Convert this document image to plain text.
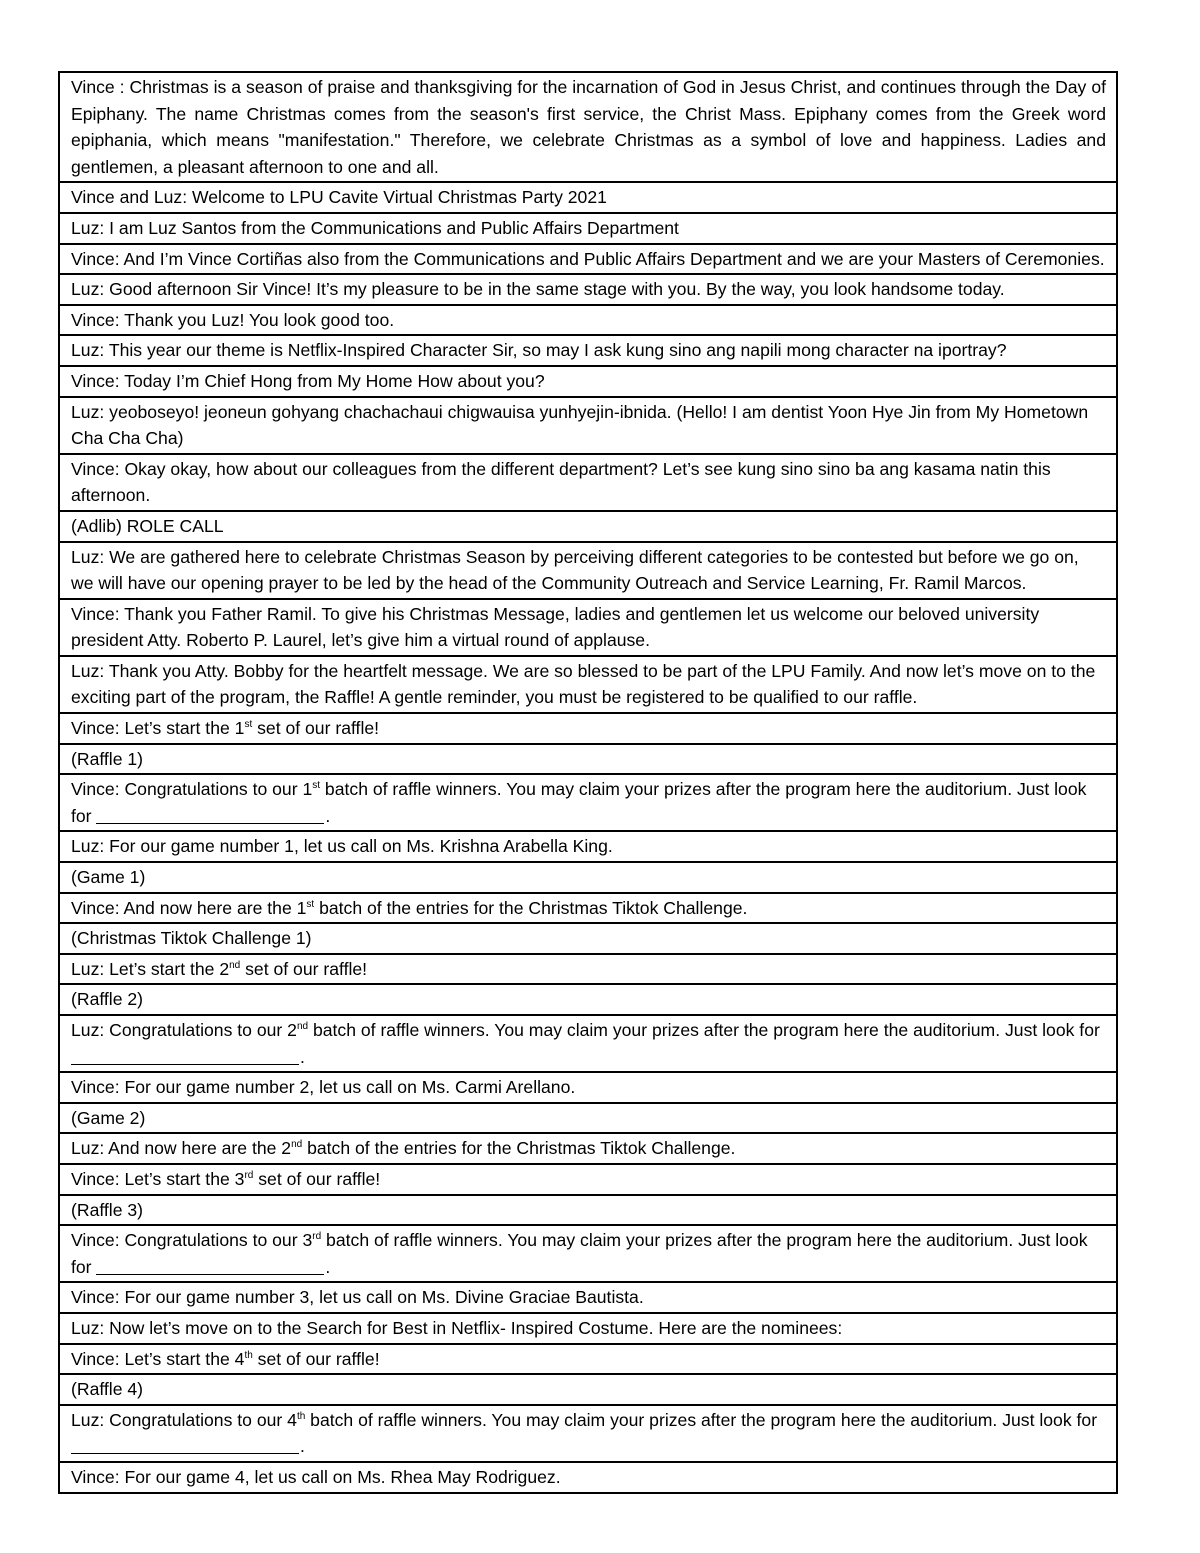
Vince : Christmas is a season of praise and thanksgiving for the incarnation of God in Jesus Christ, and continues through the Day of Epiphany. The name Christmas comes from the season's first service, the Christ Mass. Epiphany comes from the Greek word epiphania, which means "manifestation." Therefore, we celebrate Christmas as a symbol of love and happiness. Ladies and gentlemen, a pleasant afternoon to one and all.
Vince and Luz: Welcome to LPU Cavite Virtual Christmas Party 2021
Luz: I am Luz Santos from the Communications and Public Affairs Department
Vince: And I’m Vince Cortiñas also from the Communications and Public Affairs Department and we are your Masters of Ceremonies.
Luz: Good afternoon Sir Vince! It’s my pleasure to be in the same stage with you. By the way, you look handsome today.
Vince: Thank you Luz! You look good too.
Luz: This year our theme is Netflix-Inspired Character Sir, so may I ask kung sino ang napili mong character na iportray?
Vince: Today I’m Chief Hong from My Home How about you?
Luz: yeoboseyo! jeoneun gohyang chachachaui chigwauisa yunhyejin-ibnida. (Hello! I am dentist Yoon Hye Jin from My Hometown Cha Cha Cha)
Vince: Okay okay, how about our colleagues from the different department? Let’s see kung sino sino ba ang kasama natin this afternoon.
(Adlib) ROLE CALL
Luz: We are gathered here to celebrate Christmas Season by perceiving different categories to be contested but before we go on, we will have our opening prayer to be led by the head of the Community Outreach and Service Learning, Fr. Ramil Marcos.
Vince: Thank you Father Ramil. To give his Christmas Message, ladies and gentlemen let us welcome our beloved university president Atty. Roberto P. Laurel, let’s give him a virtual round of applause.
Luz: Thank you Atty. Bobby for the heartfelt message. We are so blessed to be part of the LPU Family. And now let’s move on to the exciting part of the program, the Raffle! A gentle reminder, you must be registered to be qualified to our raffle.
Vince: Let’s start the 1st set of our raffle!
(Raffle 1)
Vince: Congratulations to our 1st batch of raffle winners. You may claim your prizes after the program here the auditorium. Just look for	.
Luz: For our game number 1, let us call on Ms. Krishna Arabella King.
(Game 1)
Vince: And now here are the 1st batch of the entries for the Christmas Tiktok Challenge.
(Christmas Tiktok Challenge 1)
Luz: Let’s start the 2nd set of our raffle!
(Raffle 2)
Luz: Congratulations to our 2nd batch of raffle winners. You may claim your prizes after the program here the auditorium. Just look for .
Vince: For our game number 2, let us call on Ms. Carmi Arellano.
(Game 2)
Luz: And now here are the 2nd batch of the entries for the Christmas Tiktok Challenge.
Vince: Let’s start the 3rd set of our raffle!
(Raffle 3)
Vince: Congratulations to our 3rd batch of raffle winners. You may claim your prizes after the program here the auditorium. Just look for	.
Vince: For our game number 3, let us call on Ms. Divine Graciae Bautista.
Luz: Now let’s move on to the Search for Best in Netflix- Inspired Costume. Here are the nominees:
Vince: Let’s start the 4th set of our raffle!
(Raffle 4)
Luz: Congratulations to our 4th batch of raffle winners. You may claim your prizes after the program here the auditorium. Just look for .
Vince: For our game 4, let us call on Ms. Rhea May Rodriguez.
